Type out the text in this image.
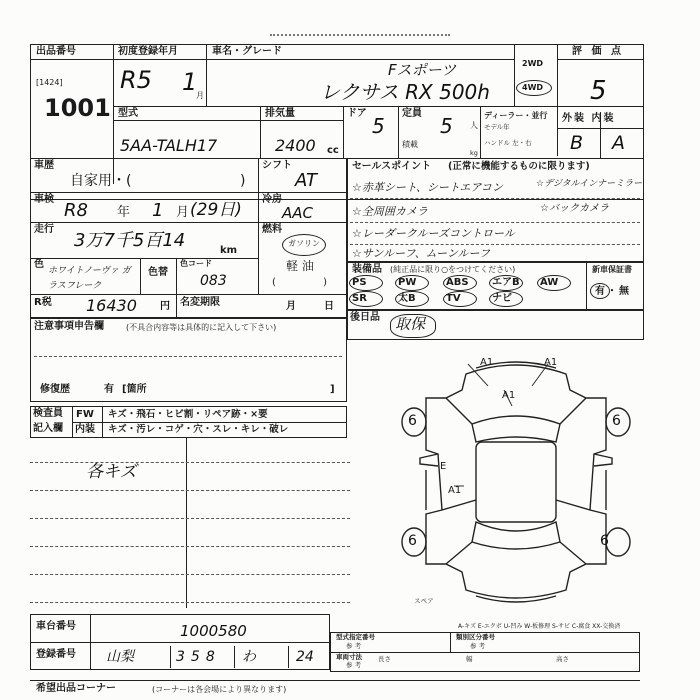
出品番号
[1424]
1001
初度登録年月
R5 1
月
車名・グレード
Fスポーツ
レクサス RX 500h
2WD
4WD
評 価 点
5
型式
5AA-TALH17
排気量
2400 cc
ドア
5
定員
5 人
ディーラー・並行
モデル年
ハンドル 左・右
積載
kg
外装 内装
B A
車歴
自家用・(	)
シフト
AT
車検
R8 年 1 月 (29日)
冷房
AAC
走行
3万7千5百14	km
燃料
ガソリン
軽 油
( )
色
ホワイトノーヴァ ガラスフレーク
色替
色コード
083
R税 16430 円 名変期限	月	日
注意事項申告欄	(不具合内容等は具体的に記入して下さい)
修復歴	有 [箇所	]
検査員
記入欄
FW キズ・飛石・ヒビ割・リペア跡・×要
内装 キズ・汚レ・コゲ・穴・スレ・キレ・破レ
各キズ
セールスポイント (正常に機能するものに限ります)
☆赤革シート、シートエアコン	☆デジタルインナーミラー
☆全周囲カメラ	☆バックカメラ
☆レーダークルーズコントロール
☆サンルーフ、ムーンルーフ
装備品 (純正品に限り○をつけてください)	新車保証書
有・無
PS	PW	ABS エアB AW
SR	太B	TV	ナビ
後日品 取保
A1	A1
A1
E
A1
6	6
6	6
スペア
A-キズ E-エクボ U-凹み W-板修理 S-サビ C-腐食 XX-交換済
車台番号	1000580
登録番号 山梨	358 わ	24
型式指定番号
参 考
類別区分番号
参 考
車両寸法
参 考
長さ	幅	高さ
希望出品コーナー	(コーナーは各会場により異なります)
